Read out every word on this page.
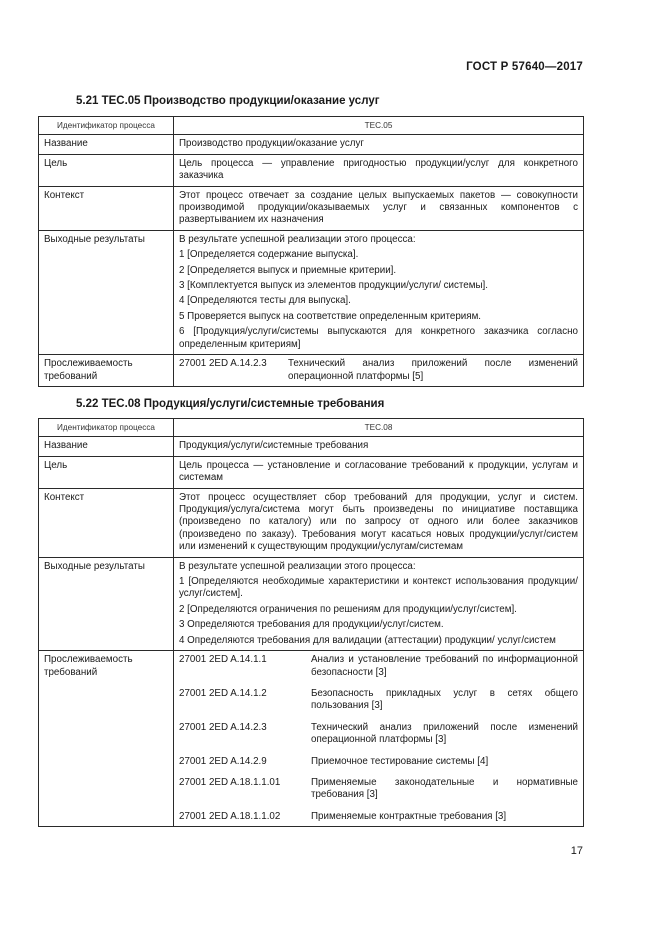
ГОСТ Р 57640—2017
5.21 TEC.05 Производство продукции/оказание услуг
Идентификатор процесса	TEC.05
Название	Производство продукции/оказание услуг
Цель	Цель процесса — управление пригодностью продукции/услуг для конкретного заказчика
Контекст	Этот процесс отвечает за создание целых выпускаемых пакетов — совокупности производимой продукции/оказываемых услуг и связанных компонентов с развертыванием их назначения
Выходные результаты	В результате успешной реализации этого процесса:

1 [Определяется содержание выпуска].

2 [Определяется выпуск и приемные критерии].

3 [Комплектуется выпуск из элементов продукции/услуги/ системы].

4 [Определяются тесты для выпуска].

5 Проверяется выпуск на соответствие определенным критериям.

6 [Продукция/услуги/системы выпускаются для конкретного заказчика согласно определенным критериям]

Прослеживаемость требований	
27001 2ED A.14.2.3	Технический анализ приложений после изменений операционной платформы [5]
5.22 TEC.08 Продукция/услуги/системные требования
Идентификатор процесса	TEC.08
Название	Продукция/услуги/системные требования
Цель	Цель процесса — установление и согласование требований к продукции, услугам и системам
Контекст	Этот процесс осуществляет сбор требований для продукции, услуг и систем. Продукция/услуга/система могут быть произведены по инициативе поставщика (произведено по каталогу) или по запросу от одного или более заказчиков (произведено по заказу). Требования могут касаться новых продукции/услуг/систем или изменений к существующим продукции/услугам/системам
Выходные результаты	В результате успешной реализации этого процесса:

1 [Определяются необходимые характеристики и контекст использования продукции/ услуг/систем].

2 [Определяются ограничения по решениям для продукции/услуг/систем].

3 Определяются требования для продукции/услуг/систем.

4 Определяются требования для валидации (аттестации) продукции/ услуг/систем

Прослеживаемость требований	
27001 2ED A.14.1.1	Анализ и установление требований по информационной безопасности [3]
27001 2ED A.14.1.2	Безопасность прикладных услуг в сетях общего пользования [3]
27001 2ED A.14.2.3	Технический анализ приложений после изменений операционной платформы [3]
27001 2ED A.14.2.9	Приемочное тестирование системы [4]
27001 2ED A.18.1.1.01	Применяемые законодательные и нормативные требования [3]
27001 2ED A.18.1.1.02	Применяемые контрактные требования [3]
17
